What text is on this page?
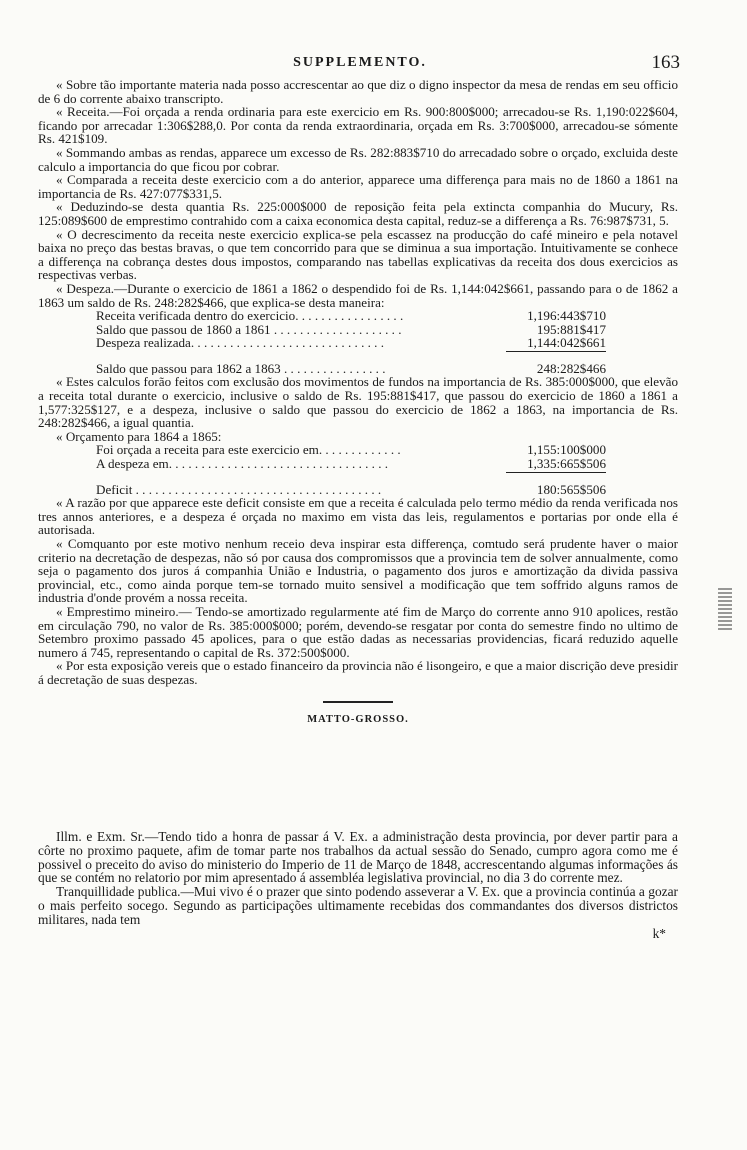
SUPPLEMENTO.	163

« Sobre tão importante materia nada posso accrescentar ao que diz o digno inspector da mesa de rendas em seu officio de 6 do corrente abaixo transcripto.

« Receita.—Foi orçada a renda ordinaria para este exercicio em Rs. 900:800$000; arrecadou-se Rs. 1,190:022$604, ficando por arrecadar 1:306$288,0. Por conta da renda extraordinaria, orçada em Rs. 3:700$000, arrecadou-se sómente Rs. 421$109.

« Sommando ambas as rendas, apparece um excesso de Rs. 282:883$710 do arrecadado sobre o orçado, excluida deste calculo a importancia do que ficou por cobrar.

« Comparada a receita deste exercicio com a do anterior, apparece uma differença para mais no de 1860 a 1861 na importancia de Rs. 427:077$331,5.

« Deduzindo-se desta quantia Rs. 225:000$000 de reposição feita pela extincta companhia do Mucury, Rs. 125:089$600 de emprestimo contrahido com a caixa economica desta capital, reduz-se a differença a Rs. 76:987$731, 5.

« O decrescimento da receita neste exercicio explica-se pela escassez na producção do café mineiro e pela notavel baixa no preço das bestas bravas, o que tem concorrido para que se diminua a sua importação. Intuitivamente se conhece a differença na cobrança destes dous impostos, comparando nas tabellas explicativas da receita dos dous exercicios as respectivas verbas.

« Despeza.—Durante o exercicio de 1861 a 1862 o despendido foi de Rs. 1,144:042$661, passando para o de 1862 a 1863 um saldo de Rs. 248:282$466, que explica-se desta maneira:

Receita verificada dentro do exercicio. . . . . . . . . . . . . . . . .	1,196:443$710
Saldo que passou de 1860 a 1861 . . . . . . . . . . . . . . . . . . . .	195:881$417
Despeza realizada. . . . . . . . . . . . . . . . . . . . . . . . . . . . . .	1,144:042$661
Saldo que passou para 1862 a 1863 . . . . . . . . . . . . . . . .	248:282$466

« Estes calculos forão feitos com exclusão dos movimentos de fundos na importancia de Rs. 385:000$000, que elevão a receita total durante o exercicio, inclusive o saldo de Rs. 195:881$417, que passou do exercicio de 1860 a 1861 a 1,577:325$127, e a despeza, inclusive o saldo que passou do exercicio de 1862 a 1863, na importancia de Rs. 248:282$466, a igual quantia.

« Orçamento para 1864 a 1865:

Foi orçada a receita para este exercicio em. . . . . . . . . . . . .	1,155:100$000
A despeza em. . . . . . . . . . . . . . . . . . . . . . . . . . . . . . . . . .	1,335:665$506
Deficit . . . . . . . . . . . . . . . . . . . . . . . . . . . . . . . . . . . . . .	180:565$506

« A razão por que apparece este deficit consiste em que a receita é calculada pelo termo médio da renda verificada nos tres annos anteriores, e a despeza é orçada no maximo em vista das leis, regulamentos e portarias por onde ella é autorisada.

« Comquanto por este motivo nenhum receio deva inspirar esta differença, comtudo será prudente haver o maior criterio na decretação de despezas, não só por causa dos compromissos que a provincia tem de solver annualmente, como seja o pagamento dos juros á companhia União e Industria, o pagamento dos juros e amortização da divida passiva provincial, etc., como ainda porque tem-se tornado muito sensivel a modificação que tem soffrido alguns ramos de industria d'onde provém a nossa receita.

« Emprestimo mineiro.— Tendo-se amortizado regularmente até fim de Março do corrente anno 910 apolices, restão em circulação 790, no valor de Rs. 385:000$000; porém, devendo-se resgatar por conta do semestre findo no ultimo de Setembro proximo passado 45 apolices, para o que estão dadas as necessarias providencias, ficará reduzido aquelle numero á 745, representando o capital de Rs. 372:500$000.

« Por esta exposição vereis que o estado financeiro da provincia não é lisongeiro, e que a maior discrição deve presidir á decretação de suas despezas.

MATTO-GROSSO.

Illm. e Exm. Sr.—Tendo tido a honra de passar á V. Ex. a administração desta provincia, por dever partir para a côrte no proximo paquete, afim de tomar parte nos trabalhos da actual sessão do Senado, cumpro agora como me é possivel o preceito do aviso do ministerio do Imperio de 11 de Março de 1848, accrescentando algumas informações ás que se contém no relatorio por mim apresentado á assembléa legislativa provincial, no dia 3 do corrente mez.

Tranquillidade publica.—Mui vivo é o prazer que sinto podendo asseverar a V. Ex. que a provincia continúa a gozar o mais perfeito socego. Segundo as participações ultimamente recebidas dos commandantes dos diversos districtos militares, nada tem

k*
